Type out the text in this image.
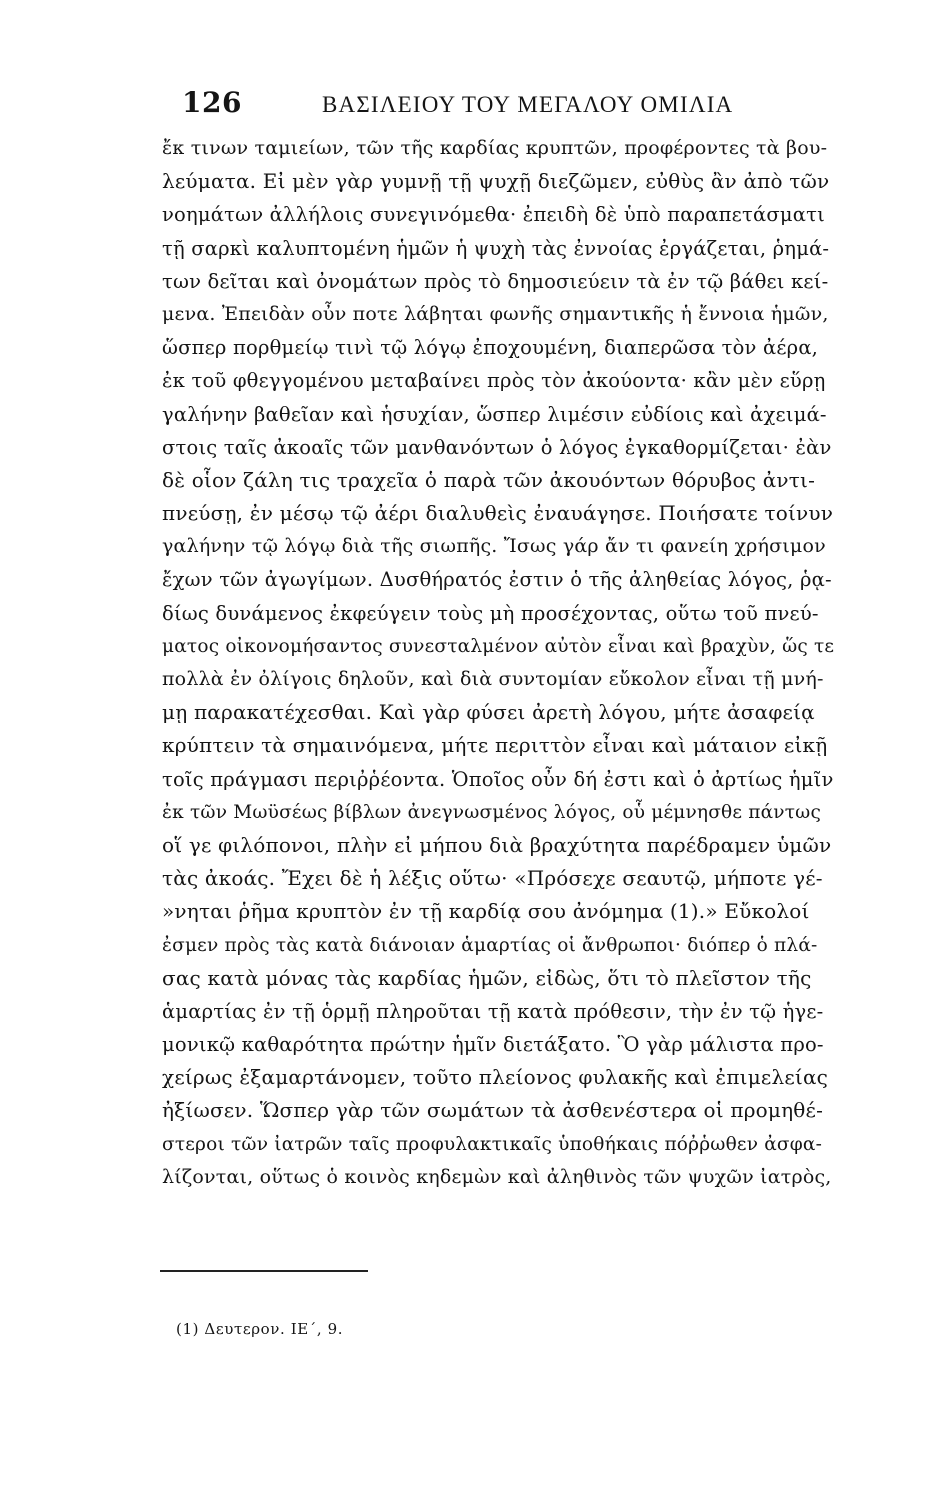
126	ΒΑΣΙΛΕΙΟΥ ΤΟΥ ΜΕΓΑΛΟΥ ΟΜΙΛΙΑ
ἔκ τινων ταμιείων, τῶν τῆς καρδίας κρυπτῶν, προφέροντες τὰ βου-
λεύματα. Εἰ μὲν γὰρ γυμνῇ τῇ ψυχῇ διεζῶμεν, εὐθὺς ἂν ἀπὸ τῶν
νοημάτων ἀλλήλοις συνεγινόμεθα· ἐπειδὴ δὲ ὑπὸ παραπετάσματι
τῇ σαρκὶ καλυπτομένη ἡμῶν ἡ ψυχὴ τὰς ἐννοίας ἐργάζεται, ῥημά-
των δεῖται καὶ ὀνομάτων πρὸς τὸ δημοσιεύειν τὰ ἐν τῷ βάθει κεί-
μενα. Ἐπειδὰν οὖν ποτε λάβηται φωνῆς σημαντικῆς ἡ ἔννοια ἡμῶν,
ὥσπερ πορθμείῳ τινὶ τῷ λόγῳ ἐποχουμένη, διαπερῶσα τὸν ἀέρα,
ἐκ τοῦ φθεγγομένου μεταβαίνει πρὸς τὸν ἀκούοντα· κἂν μὲν εὕρῃ
γαλήνην βαθεῖαν καὶ ἡσυχίαν, ὥσπερ λιμέσιν εὐδίοις καὶ ἀχειμά-
στοις ταῖς ἀκοαῖς τῶν μανθανόντων ὁ λόγος ἐγκαθορμίζεται· ἐὰν
δὲ οἷον ζάλη τις τραχεῖα ὁ παρὰ τῶν ἀκουόντων θόρυβος ἀντι-
πνεύσῃ, ἐν μέσῳ τῷ ἀέρι διαλυθεὶς ἐναυάγησε. Ποιήσατε τοίνυν
γαλήνην τῷ λόγῳ διὰ τῆς σιωπῆς. Ἴσως γάρ ἄν τι φανείη χρήσιμον
ἔχων τῶν ἀγωγίμων. Δυσθήρατός ἐστιν ὁ τῆς ἀληθείας λόγος, ῥᾳ-
δίως δυνάμενος ἐκφεύγειν τοὺς μὴ προσέχοντας, οὕτω τοῦ πνεύ-
ματος οἰκονομήσαντος συνεσταλμένον αὐτὸν εἶναι καὶ βραχὺν, ὥς τε
πολλὰ ἐν ὀλίγοις δηλοῦν, καὶ διὰ συντομίαν εὔκολον εἶναι τῇ μνή-
μῃ παρακατέχεσθαι. Καὶ γὰρ φύσει ἀρετὴ λόγου, μήτε ἀσαφείᾳ
κρύπτειν τὰ σημαινόμενα, μήτε περιττὸν εἶναι καὶ μάταιον εἰκῇ
τοῖς πράγμασι περιῤῥέοντα. Ὁποῖος οὖν δή ἐστι καὶ ὁ ἀρτίως ἡμῖν
ἐκ τῶν Μωϋσέως βίβλων ἀνεγνωσμένος λόγος, οὗ μέμνησθε πάντως
οἵ γε φιλόπονοι, πλὴν εἰ μήπου διὰ βραχύτητα παρέδραμεν ὑμῶν
τὰς ἀκοάς. Ἔχει δὲ ἡ λέξις οὕτω· «Πρόσεχε σεαυτῷ, μήποτε γέ-
»νηται ῥῆμα κρυπτὸν ἐν τῇ καρδίᾳ σου ἀνόμημα (1).» Εὔκολοί
ἐσμεν πρὸς τὰς κατὰ διάνοιαν ἁμαρτίας οἱ ἄνθρωποι· διόπερ ὁ πλά-
σας κατὰ μόνας τὰς καρδίας ἡμῶν, εἰδὼς, ὅτι τὸ πλεῖστον τῆς
ἁμαρτίας ἐν τῇ ὁρμῇ πληροῦται τῇ κατὰ πρόθεσιν, τὴν ἐν τῷ ἡγε-
μονικῷ καθαρότητα πρώτην ἡμῖν διετάξατο. Ὃ γὰρ μάλιστα προ-
χείρως ἐξαμαρτάνομεν, τοῦτο πλείονος φυλακῆς καὶ ἐπιμελείας
ἠξίωσεν. Ὥσπερ γὰρ τῶν σωμάτων τὰ ἀσθενέστερα οἱ προμηθέ-
στεροι τῶν ἰατρῶν ταῖς προφυλακτικαῖς ὑποθήκαις πόῤῥωθεν ἀσφα-
λίζονται, οὕτως ὁ κοινὸς κηδεμὼν καὶ ἀληθινὸς τῶν ψυχῶν ἰατρὸς,
(1) Δευτερον. ΙΕ΄, 9.
